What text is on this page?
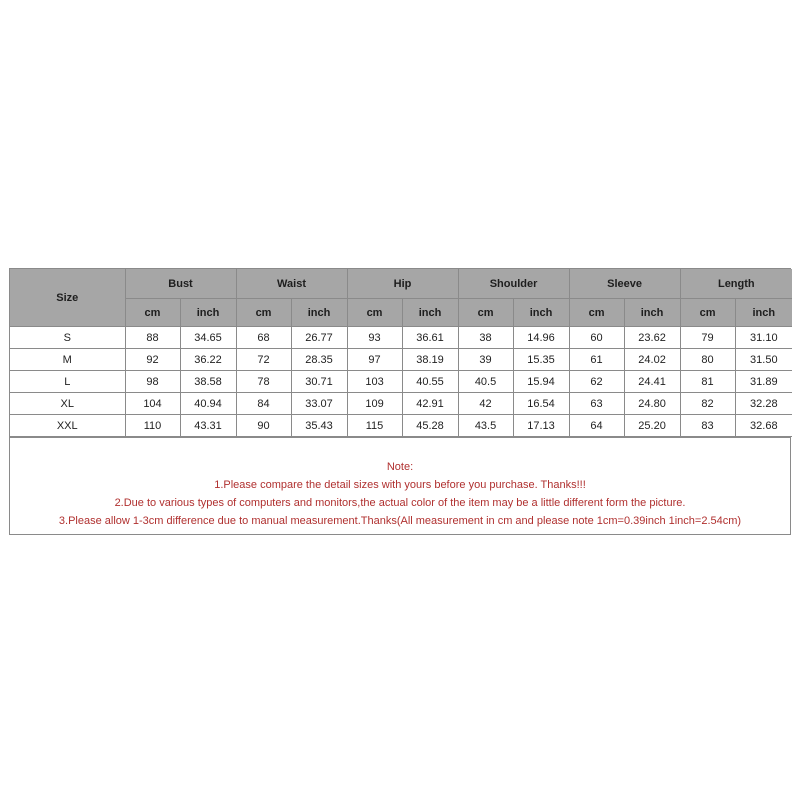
Size	Bust		Waist		Hip		Shoulder		Sleeve		Length	
	cm	inch	cm	inch	cm	inch	cm	inch	cm	inch	cm	inch
S	88	34.65	68	26.77	93	36.61	38	14.96	60	23.62	79	31.10
M	92	36.22	72	28.35	97	38.19	39	15.35	61	24.02	80	31.50
L	98	38.58	78	30.71	103	40.55	40.5	15.94	62	24.41	81	31.89
XL	104	40.94	84	33.07	109	42.91	42	16.54	63	24.80	82	32.28
XXL	110	43.31	90	35.43	115	45.28	43.5	17.13	64	25.20	83	32.68
Note:
1.Please compare the detail sizes with yours before you purchase. Thanks!!!
2.Due to various types of computers and monitors,the actual color of the item may be a little different form the picture.
3.Please allow 1-3cm difference due to manual measurement.Thanks(All measurement in cm and please note 1cm=0.39inch 1inch=2.54cm)
